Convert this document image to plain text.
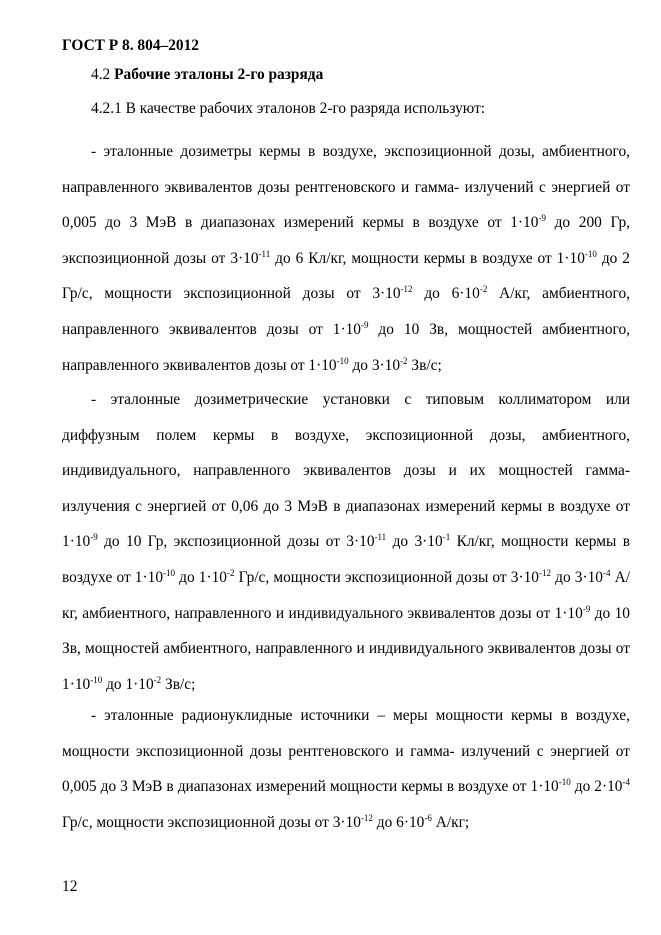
ГОСТ Р 8. 804–2012
4.2 Рабочие эталоны 2-го разряда
4.2.1 В качестве рабочих эталонов 2-го разряда используют:

- эталонные дозиметры кермы в воздухе, экспозиционной дозы, амбиентного, направленного эквивалентов дозы рентгеновского и гамма- излучений с энергией от 0,005 до 3 МэВ в диапазонах измерений кермы в воздухе от $1\cdot 10^{-9}$ до 200 Гр, экспозиционной дозы от $3\cdot 10^{-11}$ до 6 Кл/кг, мощности кермы в воздухе от $1\cdot 10^{-10}$ до 2 Гр/с, мощности экспозиционной дозы от $3\cdot 10^{-12}$ до $6\cdot 10^{-2}$ А/кг, амбиентного, направленного эквивалентов дозы от $1\cdot 10^{-9}$ до 10 Зв, мощностей амбиентного, направленного эквивалентов дозы от $1\cdot 10^{-10}$ до $3\cdot 10^{-2}$ Зв/с;

- эталонные дозиметрические установки с типовым коллиматором или диффузным полем кермы в воздухе, экспозиционной дозы, амбиентного, индивидуального, направленного эквивалентов дозы и их мощностей гамма-излучения с энергией от 0,06 до 3 МэВ в диапазонах измерений кермы в воздухе от $1\cdot 10^{-9}$ до 10 Гр, экспозиционной дозы от $3\cdot 10^{-11}$ до $3\cdot 10^{-1}$ Кл/кг, мощности кермы в воздухе от $1\cdot 10^{-10}$ до $1\cdot 10^{-2}$ Гр/с, мощности экспозиционной дозы от $3\cdot 10^{-12}$ до $3\cdot 10^{-4}$ А/кг, амбиентного, направленного и индивидуального эквивалентов дозы от $1\cdot 10^{-9}$ до 10 Зв, мощностей амбиентного, направленного и индивидуального эквивалентов дозы от $1\cdot 10^{-10}$ до $1\cdot 10^{-2}$ Зв/с;

- эталонные радионуклидные источники – меры мощности кермы в воздухе, мощности экспозиционной дозы рентгеновского и гамма- излучений с энергией от 0,005 до 3 МэВ в диапазонах измерений мощности кермы в воздухе от $1\cdot 10^{-10}$ до $2\cdot 10^{-4}$ Гр/с, мощности экспозиционной дозы от $3\cdot 10^{-12}$ до $6\cdot 10^{-6}$ А/кг;

12
